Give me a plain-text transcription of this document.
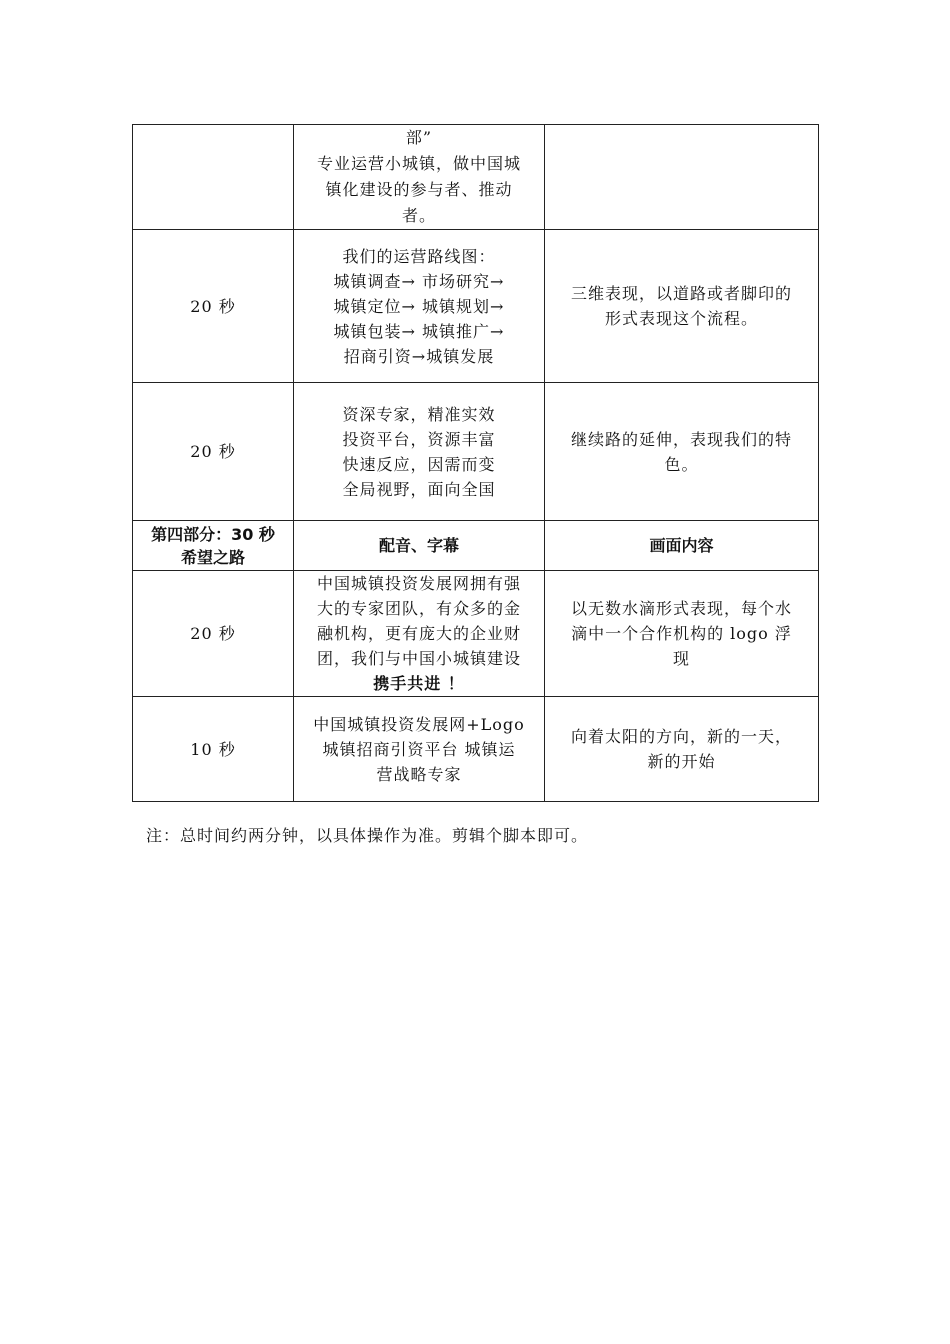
	部”
专业运营小城镇，做中国城
镇化建设的参与者、推动
者。	

20 秒	我们的运营路线图：
城镇调查→ 市场研究→
城镇定位→ 城镇规划→
城镇包装→ 城镇推广→
招商引资→城镇发展	三维表现，以道路或者脚印的
形式表现这个流程。

20 秒	资深专家，精准实效
投资平台，资源丰富
快速反应，因需而变
全局视野，面向全国	继续路的延伸，表现我们的特
色。

第四部分：30 秒
希望之路	配音、字幕	画面内容
20 秒	中国城镇投资发展网拥有强
大的专家团队，有众多的金
融机构，更有庞大的企业财
团，我们与中国小城镇建设
携手共进 ！	以无数水滴形式表现，每个水
滴中一个合作机构的 logo 浮
现

10 秒	中国城镇投资发展网+Logo
城镇招商引资平台 城镇运
营战略专家	向着太阳的方向，新的一天，
新的开始
注：总时间约两分钟，以具体操作为准。剪辑个脚本即可。
